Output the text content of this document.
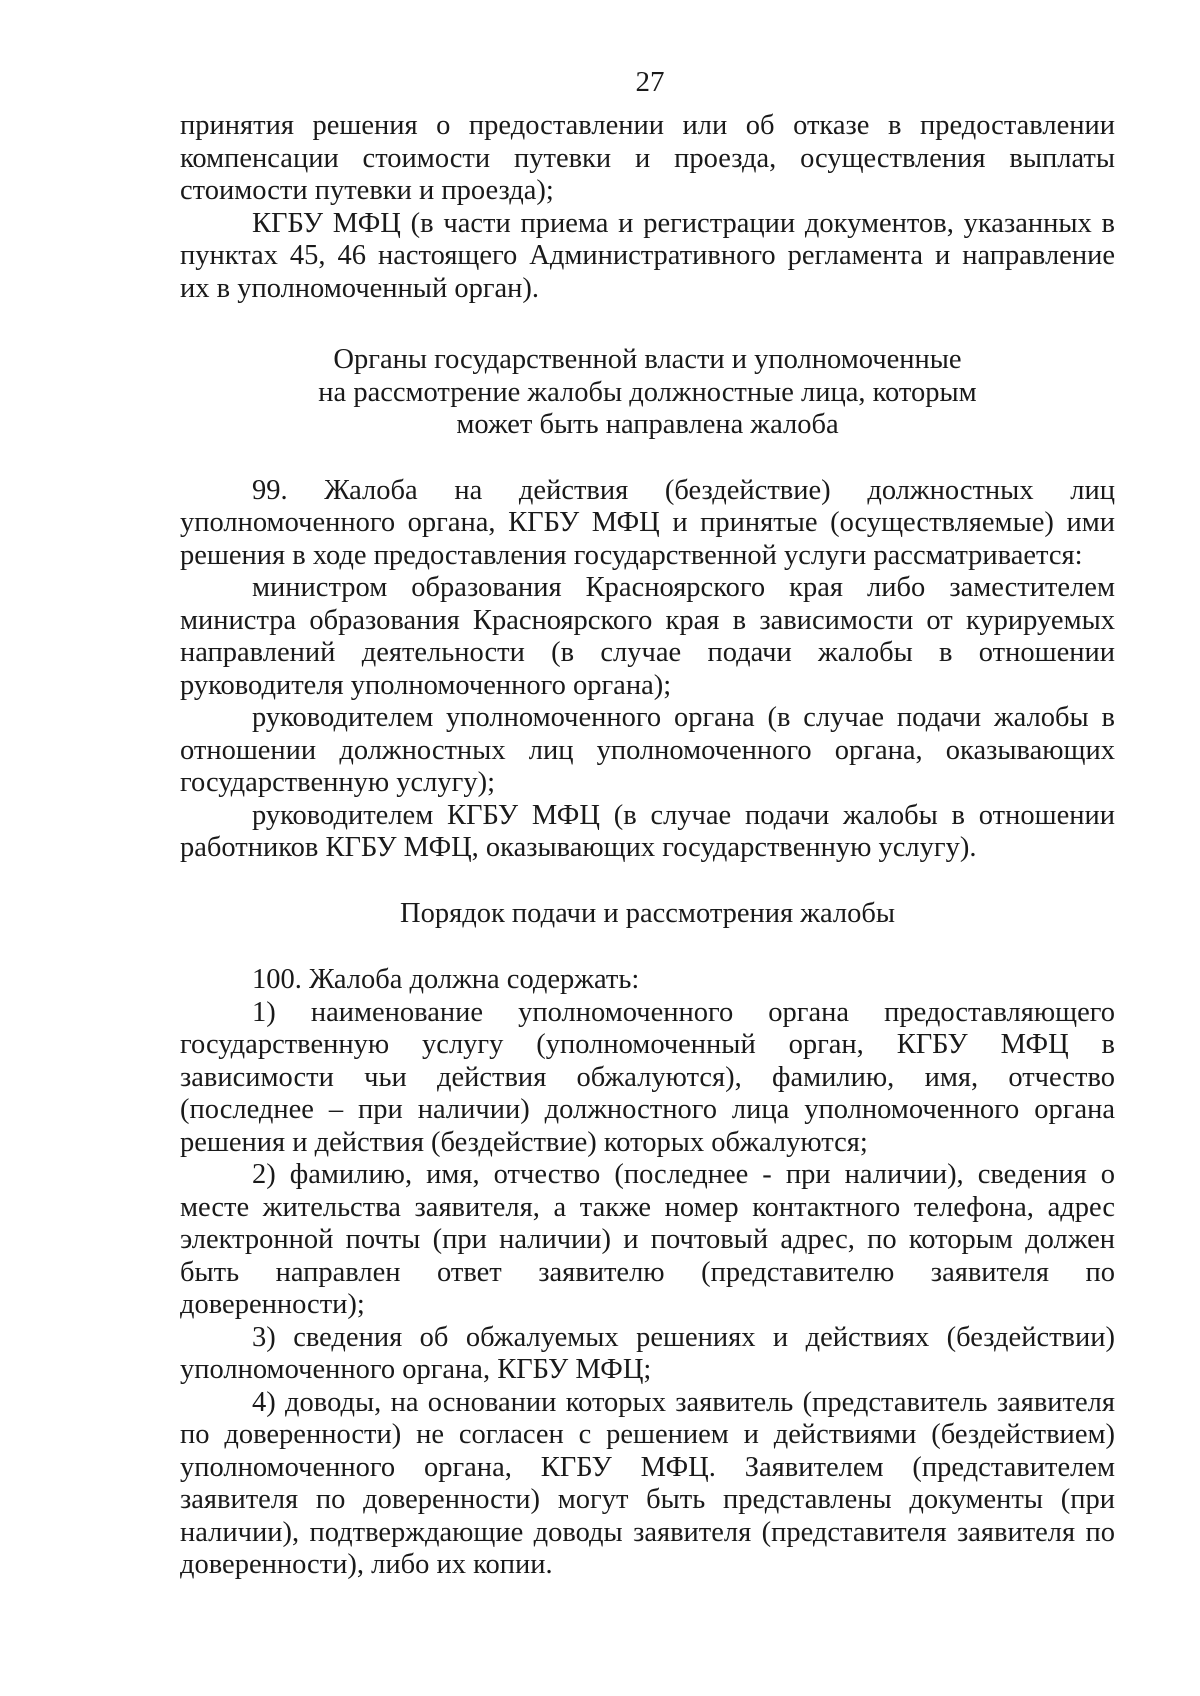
27

принятия решения о предоставлении или об отказе в предоставлении компенсации стоимости путевки и проезда, осуществления выплаты стоимости путевки и проезда);

КГБУ МФЦ (в части приема и регистрации документов, указанных в пунктах 45, 46 настоящего Административного регламента и направление их в уполномоченный орган).

Органы государственной власти и уполномоченные
на рассмотрение жалобы должностные лица, которым
может быть направлена жалоба

99. Жалоба на действия (бездействие) должностных лиц уполномоченного органа, КГБУ МФЦ и принятые (осуществляемые) ими решения в ходе предоставления государственной услуги рассматривается:

министром образования Красноярского края либо заместителем министра образования Красноярского края в зависимости от курируемых направлений деятельности (в случае подачи жалобы в отношении руководителя уполномоченного органа);

руководителем уполномоченного органа (в случае подачи жалобы в отношении должностных лиц уполномоченного органа, оказывающих государственную услугу);

руководителем КГБУ МФЦ (в случае подачи жалобы в отношении работников КГБУ МФЦ, оказывающих государственную услугу).

Порядок подачи и рассмотрения жалобы

100. Жалоба должна содержать:

1) наименование уполномоченного органа предоставляющего государственную услугу (уполномоченный орган, КГБУ МФЦ в зависимости чьи действия обжалуются), фамилию, имя, отчество (последнее – при наличии) должностного лица уполномоченного органа решения и действия (бездействие) которых обжалуются;

2) фамилию, имя, отчество (последнее - при наличии), сведения о месте жительства заявителя, а также номер контактного телефона, адрес электронной почты (при наличии) и почтовый адрес, по которым должен быть направлен ответ заявителю (представителю заявителя по доверенности);

3) сведения об обжалуемых решениях и действиях (бездействии) уполномоченного органа, КГБУ МФЦ;

4) доводы, на основании которых заявитель (представитель заявителя по доверенности) не согласен с решением и действиями (бездействием) уполномоченного органа, КГБУ МФЦ. Заявителем (представителем заявителя по доверенности) могут быть представлены документы (при наличии), подтверждающие доводы заявителя (представителя заявителя по доверенности), либо их копии.
